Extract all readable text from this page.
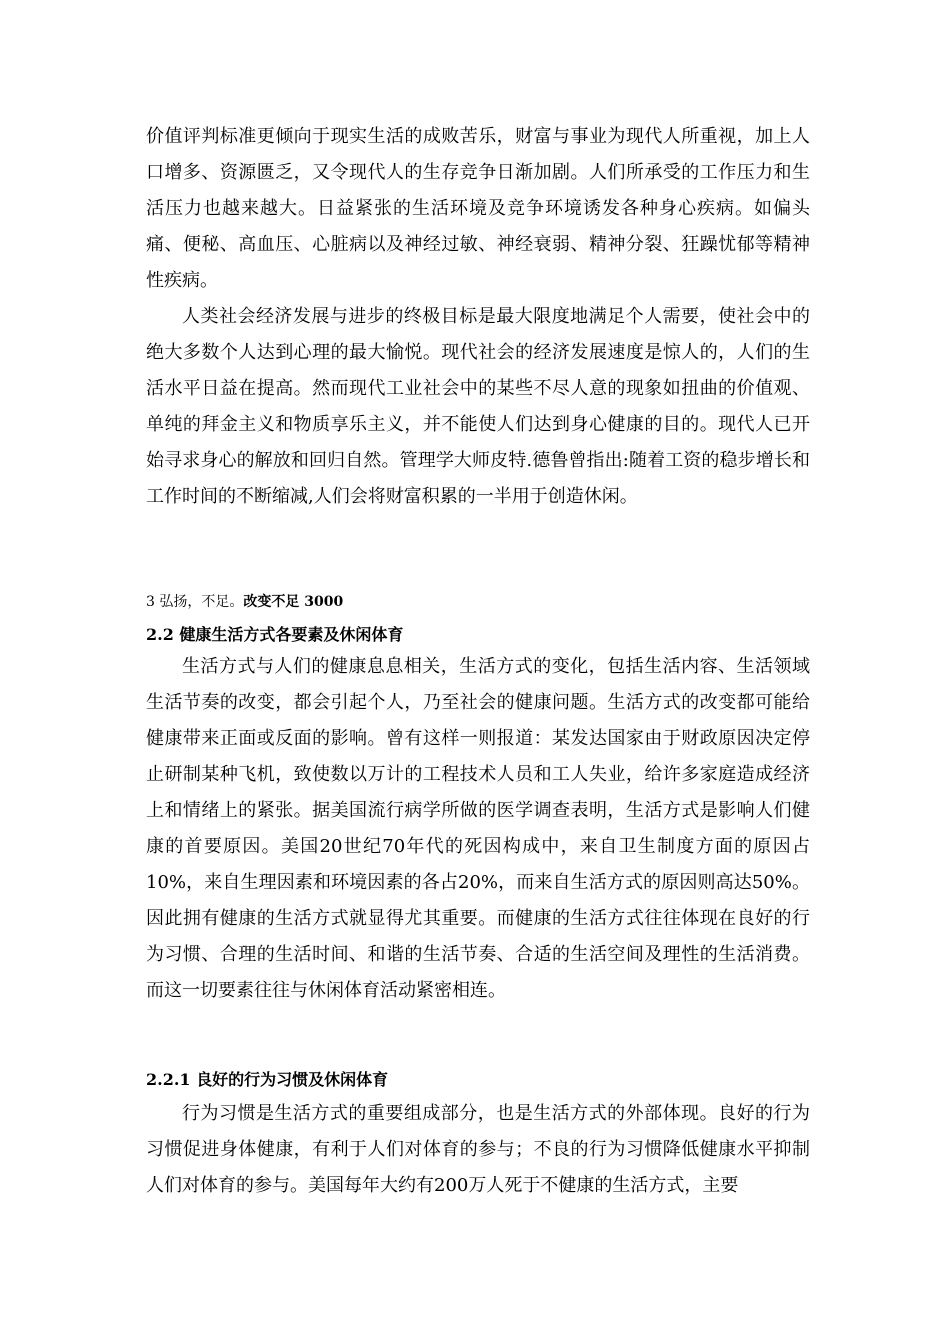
价值评判标准更倾向于现实生活的成败苦乐，财富与事业为现代人所重视，加上人口增多、资源匮乏，又令现代人的生存竞争日渐加剧。人们所承受的工作压力和生活压力也越来越大。日益紧张的生活环境及竞争环境诱发各种身心疾病。如偏头痛、便秘、高血压、心脏病以及神经过敏、神经衰弱、精神分裂、狂躁忧郁等精神性疾病。

人类社会经济发展与进步的终极目标是最大限度地满足个人需要，使社会中的绝大多数个人达到心理的最大愉悦。现代社会的经济发展速度是惊人的，人们的生活水平日益在提高。然而现代工业社会中的某些不尽人意的现象如扭曲的价值观、单纯的拜金主义和物质享乐主义，并不能使人们达到身心健康的目的。现代人已开始寻求身心的解放和回归自然。管理学大师皮特.德鲁曾指出:随着工资的稳步增长和工作时间的不断缩减,人们会将财富积累的一半用于创造休闲。

3 弘扬，不足。改变不足 3000

2.2 健康生活方式各要素及休闲体育

生活方式与人们的健康息息相关，生活方式的变化，包括生活内容、生活领域生活节奏的改变，都会引起个人，乃至社会的健康问题。生活方式的改变都可能给健康带来正面或反面的影响。曾有这样一则报道：某发达国家由于财政原因决定停止研制某种飞机，致使数以万计的工程技术人员和工人失业，给许多家庭造成经济上和情绪上的紧张。据美国流行病学所做的医学调查表明，生活方式是影响人们健康的首要原因。美国20世纪70年代的死因构成中，来自卫生制度方面的原因占10%，来自生理因素和环境因素的各占20%，而来自生活方式的原因则高达50%。因此拥有健康的生活方式就显得尤其重要。而健康的生活方式往往体现在良好的行为习惯、合理的生活时间、和谐的生活节奏、合适的生活空间及理性的生活消费。而这一切要素往往与休闲体育活动紧密相连。

2.2.1 良好的行为习惯及休闲体育

行为习惯是生活方式的重要组成部分，也是生活方式的外部体现。良好的行为习惯促进身体健康，有利于人们对体育的参与；不良的行为习惯降低健康水平抑制人们对体育的参与。美国每年大约有200万人死于不健康的生活方式，主要
